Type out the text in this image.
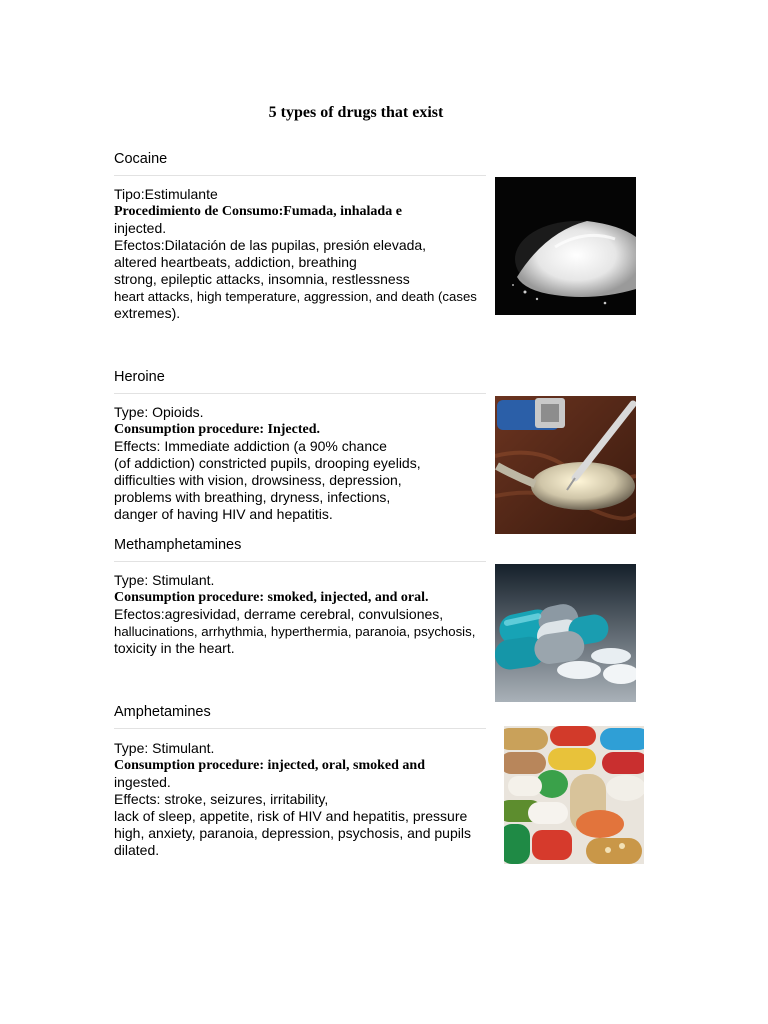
5 types of drugs that exist
Cocaine
Tipo:Estimulante
Procedimiento de Consumo:Fumada, inhalada e
injected.
Efectos:Dilatación de las pupilas, presión elevada,
altered heartbeats, addiction, breathing
strong, epileptic attacks, insomnia, restlessness
heart attacks, high temperature, aggression, and death (cases
extremes).
Heroine
Type: Opioids.
Consumption procedure: Injected.
Effects: Immediate addiction (a 90% chance
(of addiction) constricted pupils, drooping eyelids,
difficulties with vision, drowsiness, depression,
problems with breathing, dryness, infections,
danger of having HIV and hepatitis.
Methamphetamines
Type: Stimulant.
Consumption procedure: smoked, injected, and oral.
Efectos:agresividad, derrame cerebral, convulsiones,
hallucinations, arrhythmia, hyperthermia, paranoia, psychosis,
toxicity in the heart.
Amphetamines
Type: Stimulant.
Consumption procedure: injected, oral, smoked and
ingested.
Effects: stroke, seizures, irritability,
lack of sleep, appetite, risk of HIV and hepatitis, pressure
high, anxiety, paranoia, depression, psychosis, and pupils
dilated.
